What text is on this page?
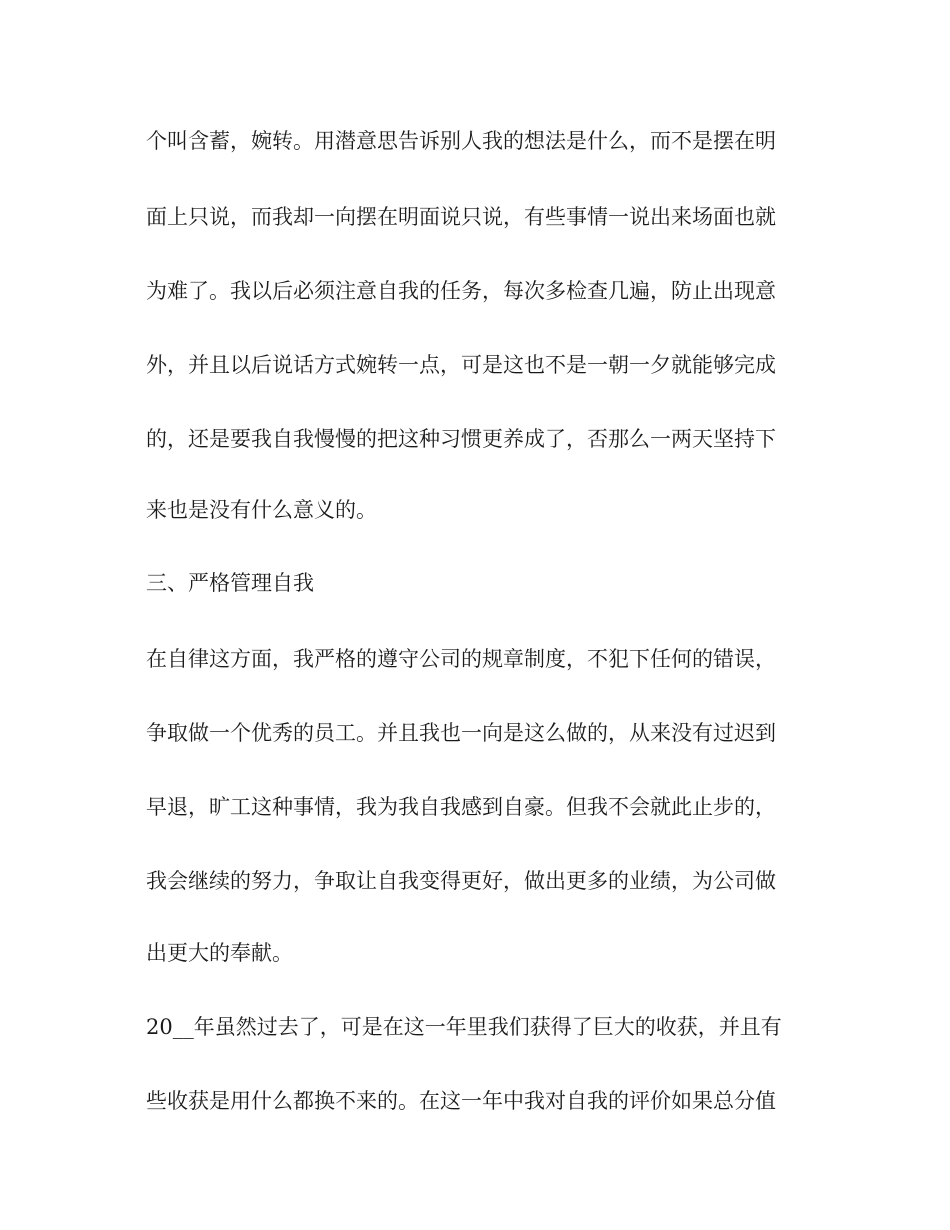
个叫含蓄，婉转。用潜意思告诉别人我的想法是什么，而不是摆在明
面上只说，而我却一向摆在明面说只说，有些事情一说出来场面也就
为难了。我以后必须注意自我的任务，每次多检查几遍，防止出现意
外，并且以后说话方式婉转一点，可是这也不是一朝一夕就能够完成
的，还是要我自我慢慢的把这种习惯更养成了，否那么一两天坚持下
来也是没有什么意义的。
三、严格管理自我
在自律这方面，我严格的遵守公司的规章制度，不犯下任何的错误，
争取做一个优秀的员工。并且我也一向是这么做的，从来没有过迟到
早退，旷工这种事情，我为我自我感到自豪。但我不会就此止步的，
我会继续的努力，争取让自我变得更好，做出更多的业绩，为公司做
出更大的奉献。
20__年虽然过去了，可是在这一年里我们获得了巨大的收获，并且有
些收获是用什么都换不来的。在这一年中我对自我的评价如果总分值
